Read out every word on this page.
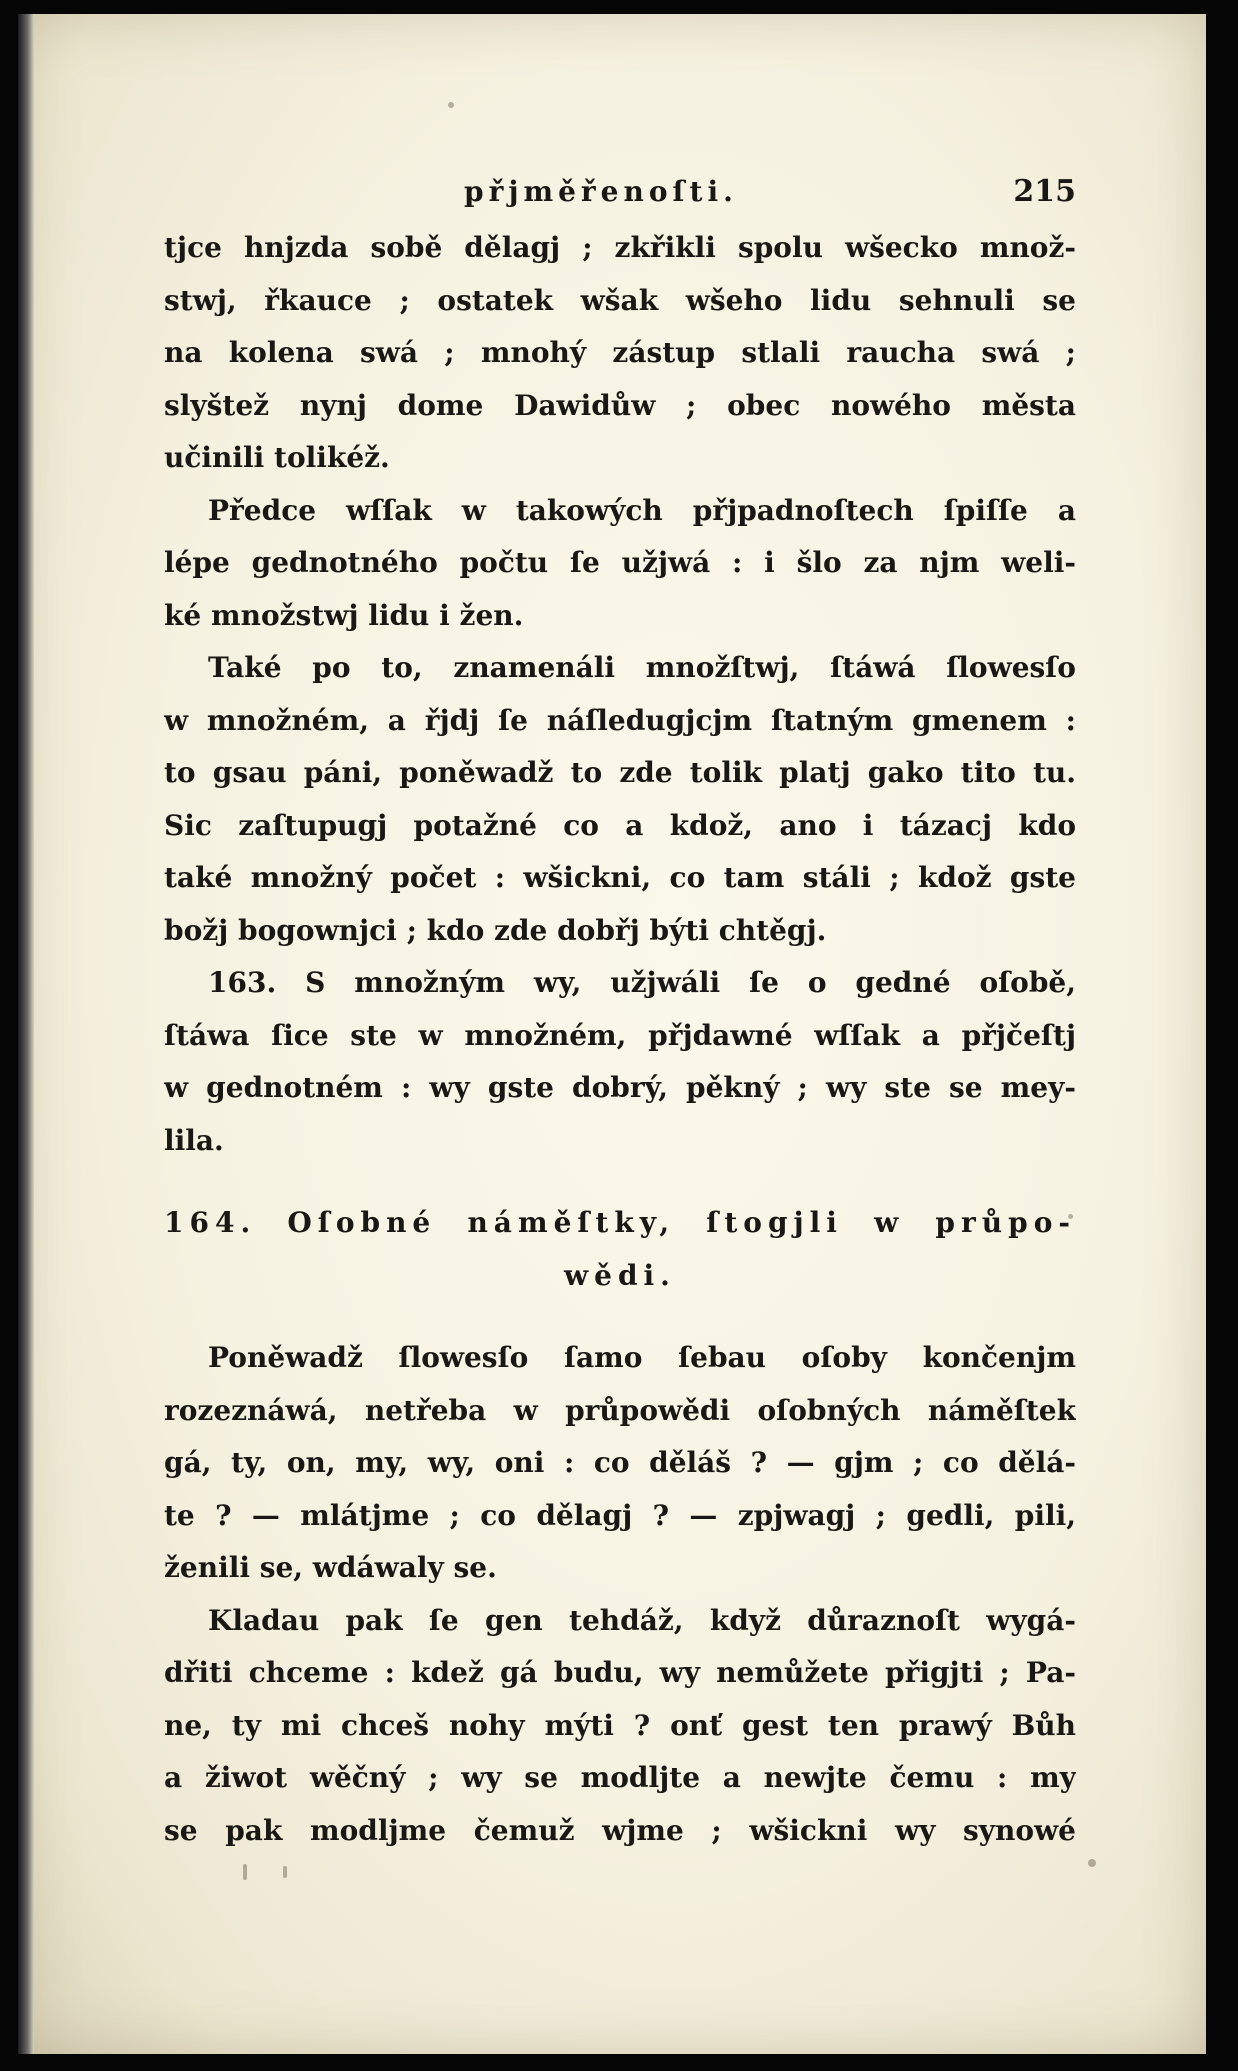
přjměřenoſti.	215

tjce hnjzda sobě dělagj ; zkřikli spolu wšecko množ-
stwj, řkauce ; ostatek wšak wšeho lidu sehnuli se
na kolena swá ; mnohý zástup stlali raucha swá ;
slyštež nynj dome Dawidůw ; obec nowého města
učinili tolikéž.

Předce wſſak w takowých přjpadnoſtech ſpiſſe a
lépe gednotného počtu ſe užjwá : i šlo za njm weli-
ké množstwj lidu i žen.

Také po to, znamenáli množſtwj, ſtáwá ſlowesſo
w množném, a řjdj ſe náſledugjcjm ſtatným gmenem :
to gsau páni, poněwadž to zde tolik platj gako tito tu.
Sic zaſtupugj potažné co a kdož, ano i tázacj kdo
také množný počet : wšickni, co tam stáli ; kdož gste
božj bogownjci ; kdo zde dobřj býti chtěgj.

163. S množným wy, užjwáli ſe o gedné oſobě,
ſtáwa ſice ste w množném, přjdawné wſſak a přjčeſtj
w gednotném : wy gste dobrý, pěkný ; wy ste se mey-
lila.

164. Oſobné náměſtky, ſtogjli w průpo-
wědi.

Poněwadž ſlowesſo ſamo ſebau oſoby končenjm
rozeznáwá, netřeba w průpowědi oſobných náměſtek
gá, ty, on, my, wy, oni : co děláš ? — gjm ; co dělá-
te ? — mlátjme ; co dělagj ? — zpjwagj ; gedli, pili,
ženili se, wdáwaly se.

Kladau pak ſe gen tehdáž, když důraznoſt wygá-
dřiti chceme : kdež gá budu, wy nemůžete přigjti ; Pa-
ne, ty mi chceš nohy mýti ? onť gest ten prawý Bůh
a žiwot wěčný ; wy se modljte a newjte čemu : my
se pak modljme čemuž wjme ; wšickni wy synowé
